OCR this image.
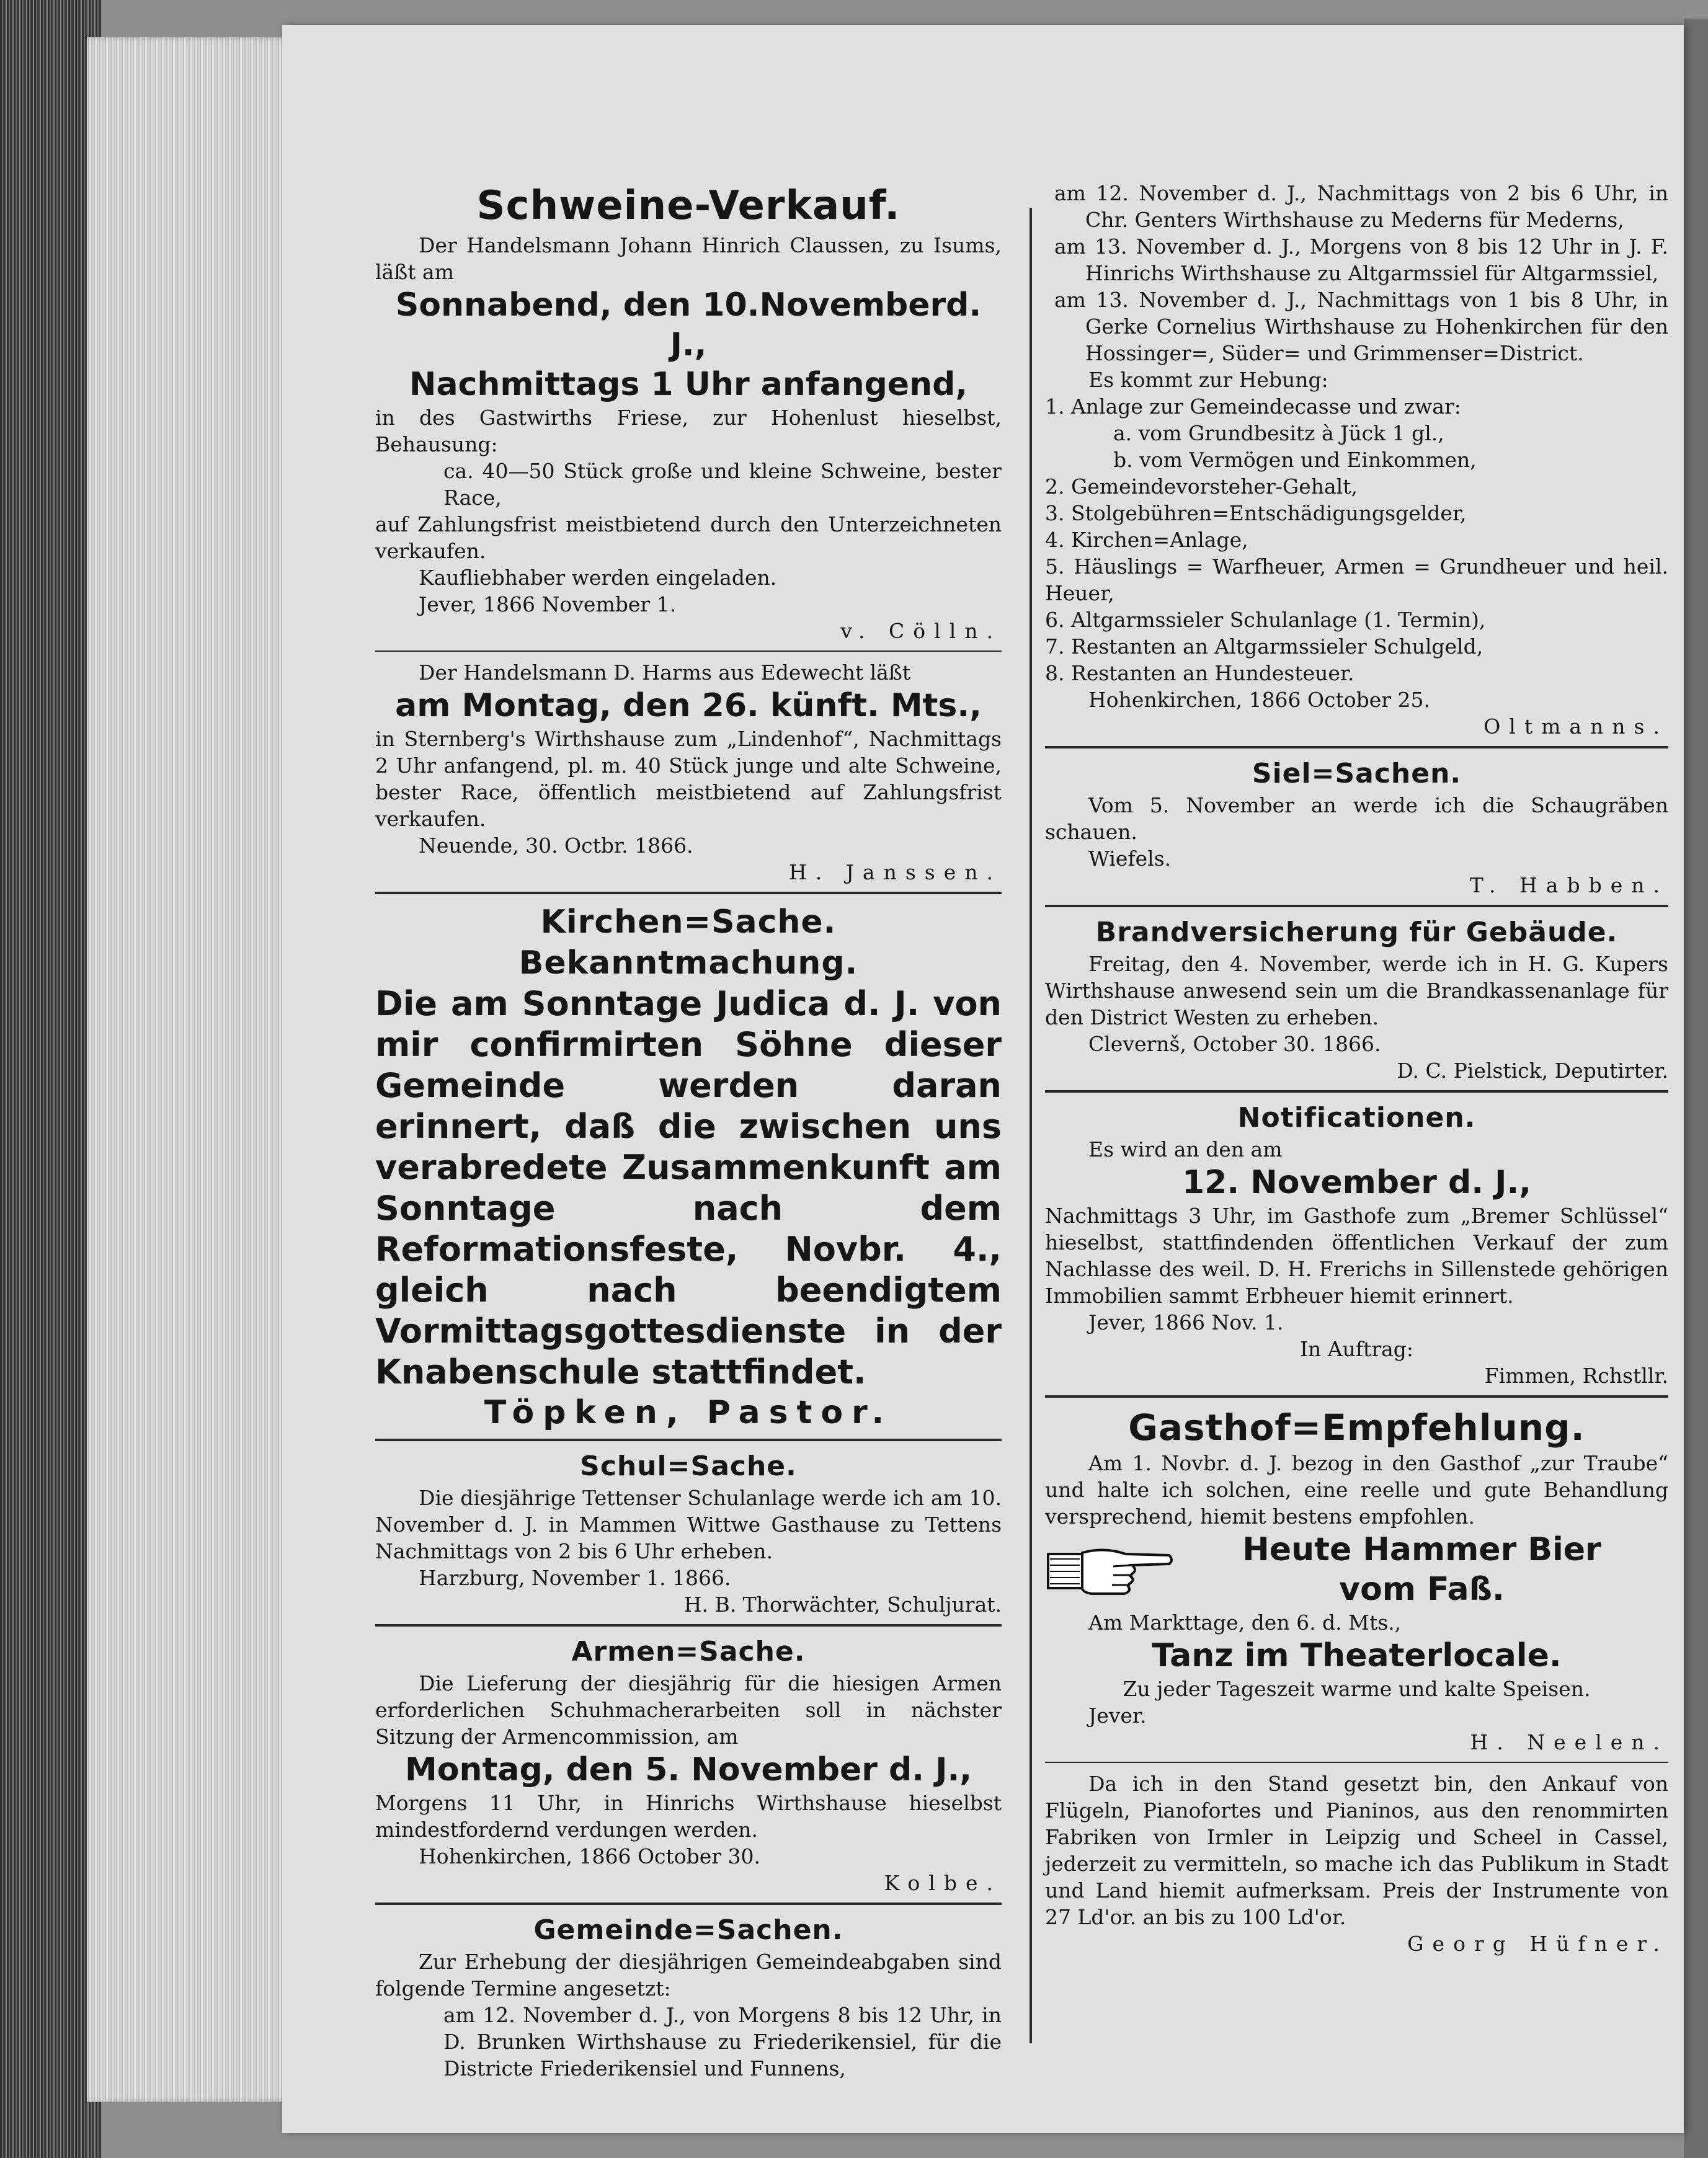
Schweine-Verkauf.

Der Handelsmann Johann Hinrich Claussen, zu Isums, läßt am

Sonnabend, den 10.Novemberd. J.,
Nachmittags 1 Uhr anfangend,

in des Gastwirths Friese, zur Hohenlust hieselbst, Behausung:

ca. 40—50 Stück große und kleine Schweine, bester Race,

auf Zahlungsfrist meistbietend durch den Unterzeichneten verkaufen.

Kaufliebhaber werden eingeladen.

Jever, 1866 November 1.

v. Cölln.

Der Handelsmann D. Harms aus Edewecht läßt

am Montag, den 26. künft. Mts.,

in Sternberg's Wirthshause zum „Lindenhof“, Nachmittags 2 Uhr anfangend, pl. m. 40 Stück junge und alte Schweine, bester Race, öffentlich meistbietend auf Zahlungsfrist verkaufen.

Neuende, 30. Octbr. 1866.

H. Janssen.

Kirchen=Sache.
Bekanntmachung.

Die am Sonntage Judica d. J. von mir confirmirten Söhne dieser Gemeinde werden daran erinnert, daß die zwischen uns verabredete Zusammenkunft am Sonntage nach dem Reformationsfeste, Novbr. 4., gleich nach beendigtem Vormittagsgottesdienste in der Knabenschule stattfindet.

Töpken, Pastor.
Schul=Sache.

Die diesjährige Tettenser Schulanlage werde ich am 10. November d. J. in Mammen Wittwe Gasthause zu Tettens Nachmittags von 2 bis 6 Uhr erheben.

Harzburg, November 1. 1866.

H. B. Thorwächter, Schuljurat.

Armen=Sache.

Die Lieferung der diesjährig für die hiesigen Armen erforderlichen Schuhmacherarbeiten soll in nächster Sitzung der Armencommission, am

Montag, den 5. November d. J.,

Morgens 11 Uhr, in Hinrichs Wirthshause hieselbst mindestfordernd verdungen werden.

Hohenkirchen, 1866 October 30.

Kolbe.

Gemeinde=Sachen.

Zur Erhebung der diesjährigen Gemeindeabgaben sind folgende Termine angesetzt:

am 12. November d. J., von Morgens 8 bis 12 Uhr, in D. Brunken Wirthshause zu Friederikensiel, für die Districte Friederikensiel und Funnens,

am 12. November d. J., Nachmittags von 2 bis 6 Uhr, in Chr. Genters Wirthshause zu Mederns für Mederns,

am 13. November d. J., Morgens von 8 bis 12 Uhr in J. F. Hinrichs Wirthshause zu Altgarmssiel für Altgarmssiel,

am 13. November d. J., Nachmittags von 1 bis 8 Uhr, in Gerke Cornelius Wirthshause zu Hohenkirchen für den Hossinger=, Süder= und Grimmenser=District.

Es kommt zur Hebung:

1. Anlage zur Gemeindecasse und zwar:

a. vom Grundbesitz à Jück 1 gl.,

b. vom Vermögen und Einkommen,

2. Gemeindevorsteher-Gehalt,

3. Stolgebühren=Entschädigungsgelder,

4. Kirchen=Anlage,

5. Häuslings = Warfheuer, Armen = Grundheuer und heil. Heuer,

6. Altgarmssieler Schulanlage (1. Termin),

7. Restanten an Altgarmssieler Schulgeld,

8. Restanten an Hundesteuer.

Hohenkirchen, 1866 October 25.

Oltmanns.

Siel=Sachen.

Vom 5. November an werde ich die Schaugräben schauen.

Wiefels.

T. Habben.

Brandversicherung für Gebäude.

Freitag, den 4. November, werde ich in H. G. Kupers Wirthshause anwesend sein um die Brandkassenanlage für den District Westen zu erheben.

Clevernš, October 30. 1866.

D. C. Pielstick, Deputirter.

Notificationen.

Es wird an den am

12. November d. J.,

Nachmittags 3 Uhr, im Gasthofe zum „Bremer Schlüssel“ hieselbst, stattfindenden öffentlichen Verkauf der zum Nachlasse des weil. D. H. Frerichs in Sillenstede gehörigen Immobilien sammt Erbheuer hiemit erinnert.

Jever, 1866 Nov. 1.

In Auftrag:

Fimmen, Rchstllr.

Gasthof=Empfehlung.

Am 1. Novbr. d. J. bezog in den Gasthof „zur Traube“ und halte ich solchen, eine reelle und gute Behandlung versprechend, hiemit bestens empfohlen.

Heute Hammer Bier
vom Faß.

Am Markttage, den 6. d. Mts.,

Tanz im Theaterlocale.

Zu jeder Tageszeit warme und kalte Speisen.

Jever.

H. Neelen.

Da ich in den Stand gesetzt bin, den Ankauf von Flügeln, Pianofortes und Pianinos, aus den renommirten Fabriken von Irmler in Leipzig und Scheel in Cassel, jederzeit zu vermitteln, so mache ich das Publikum in Stadt und Land hiemit aufmerksam. Preis der Instrumente von 27 Ld'or. an bis zu 100 Ld'or.

Georg Hüfner.
